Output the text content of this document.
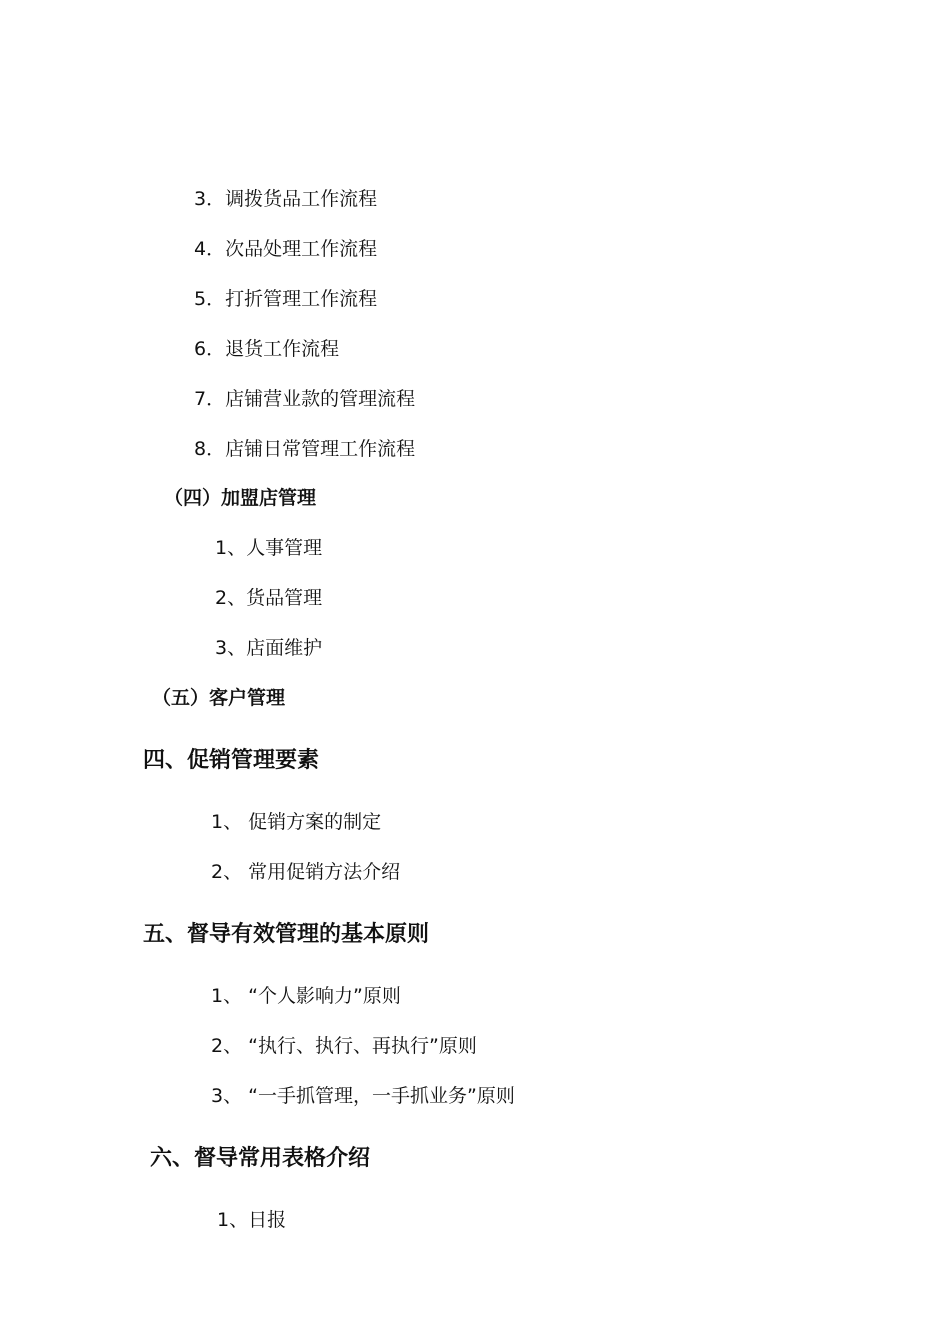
3．调拨货品工作流程
4．次品处理工作流程
5．打折管理工作流程
6．退货工作流程
7．店铺营业款的管理流程
8．店铺日常管理工作流程
（四）加盟店管理
1、人事管理
2、货品管理
3、店面维护
（五）客户管理
四、促销管理要素
1、 促销方案的制定
2、 常用促销方法介绍
五、督导有效管理的基本原则
1、 “个人影响力”原则
2、 “执行、执行、再执行”原则
3、 “一手抓管理，一手抓业务”原则
六、督导常用表格介绍
1、日报
